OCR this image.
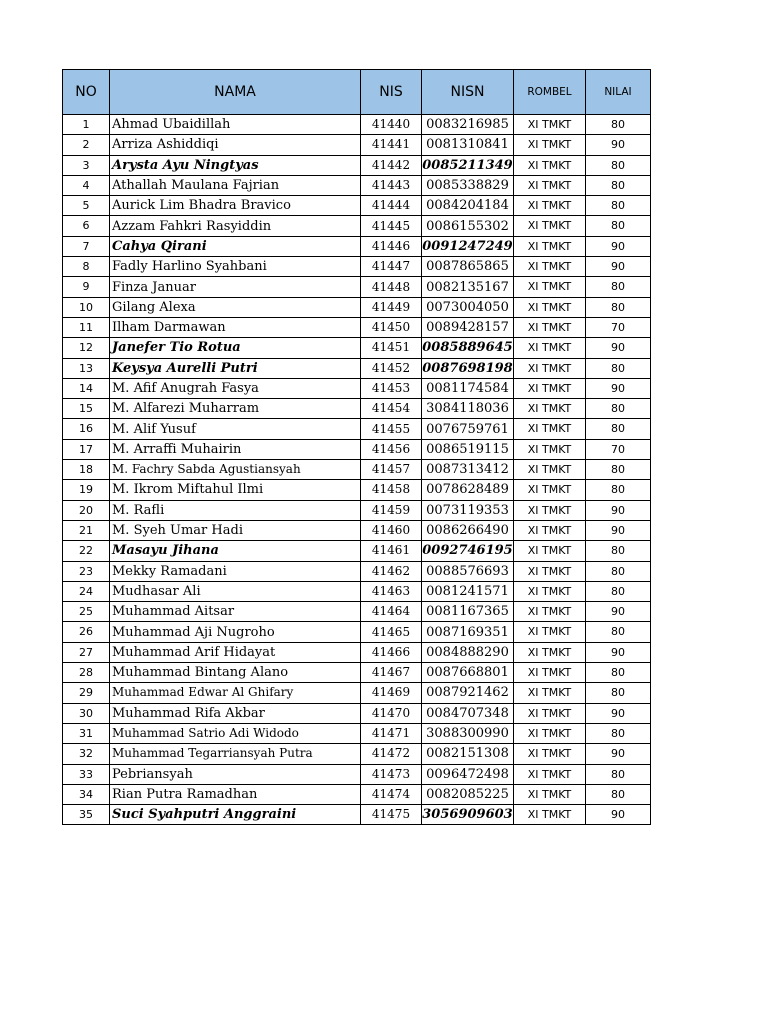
NO	NAMA	NIS	NISN	ROMBEL	NILAI
1	Ahmad Ubaidillah	41440	0083216985	XI TMKT	80
2	Arriza Ashiddiqi	41441	0081310841	XI TMKT	90
3	Arysta Ayu Ningtyas	41442	0085211349	XI TMKT	80
4	Athallah Maulana Fajrian	41443	0085338829	XI TMKT	80
5	Aurick Lim Bhadra Bravico	41444	0084204184	XI TMKT	80
6	Azzam Fahkri Rasyiddin	41445	0086155302	XI TMKT	80
7	Cahya Qirani	41446	0091247249	XI TMKT	90
8	Fadly Harlino Syahbani	41447	0087865865	XI TMKT	90
9	Finza Januar	41448	0082135167	XI TMKT	80
10	Gilang Alexa	41449	0073004050	XI TMKT	80
11	Ilham Darmawan	41450	0089428157	XI TMKT	70
12	Janefer Tio Rotua	41451	0085889645	XI TMKT	90
13	Keysya Aurelli Putri	41452	0087698198	XI TMKT	80
14	M. Afif Anugrah Fasya	41453	0081174584	XI TMKT	90
15	M. Alfarezi Muharram	41454	3084118036	XI TMKT	80
16	M. Alif Yusuf	41455	0076759761	XI TMKT	80
17	M. Arraffi Muhairin	41456	0086519115	XI TMKT	70
18	M. Fachry Sabda Agustiansyah	41457	0087313412	XI TMKT	80
19	M. Ikrom Miftahul Ilmi	41458	0078628489	XI TMKT	80
20	M. Rafli	41459	0073119353	XI TMKT	90
21	M. Syeh Umar Hadi	41460	0086266490	XI TMKT	90
22	Masayu Jihana	41461	0092746195	XI TMKT	80
23	Mekky Ramadani	41462	0088576693	XI TMKT	80
24	Mudhasar Ali	41463	0081241571	XI TMKT	80
25	Muhammad Aitsar	41464	0081167365	XI TMKT	90
26	Muhammad Aji Nugroho	41465	0087169351	XI TMKT	80
27	Muhammad Arif Hidayat	41466	0084888290	XI TMKT	90
28	Muhammad Bintang Alano	41467	0087668801	XI TMKT	80
29	Muhammad Edwar Al Ghifary	41469	0087921462	XI TMKT	80
30	Muhammad Rifa Akbar	41470	0084707348	XI TMKT	90
31	Muhammad Satrio Adi Widodo	41471	3088300990	XI TMKT	80
32	Muhammad Tegarriansyah Putra	41472	0082151308	XI TMKT	90
33	Pebriansyah	41473	0096472498	XI TMKT	80
34	Rian Putra Ramadhan	41474	0082085225	XI TMKT	80
35	Suci Syahputri Anggraini	41475	3056909603	XI TMKT	90
